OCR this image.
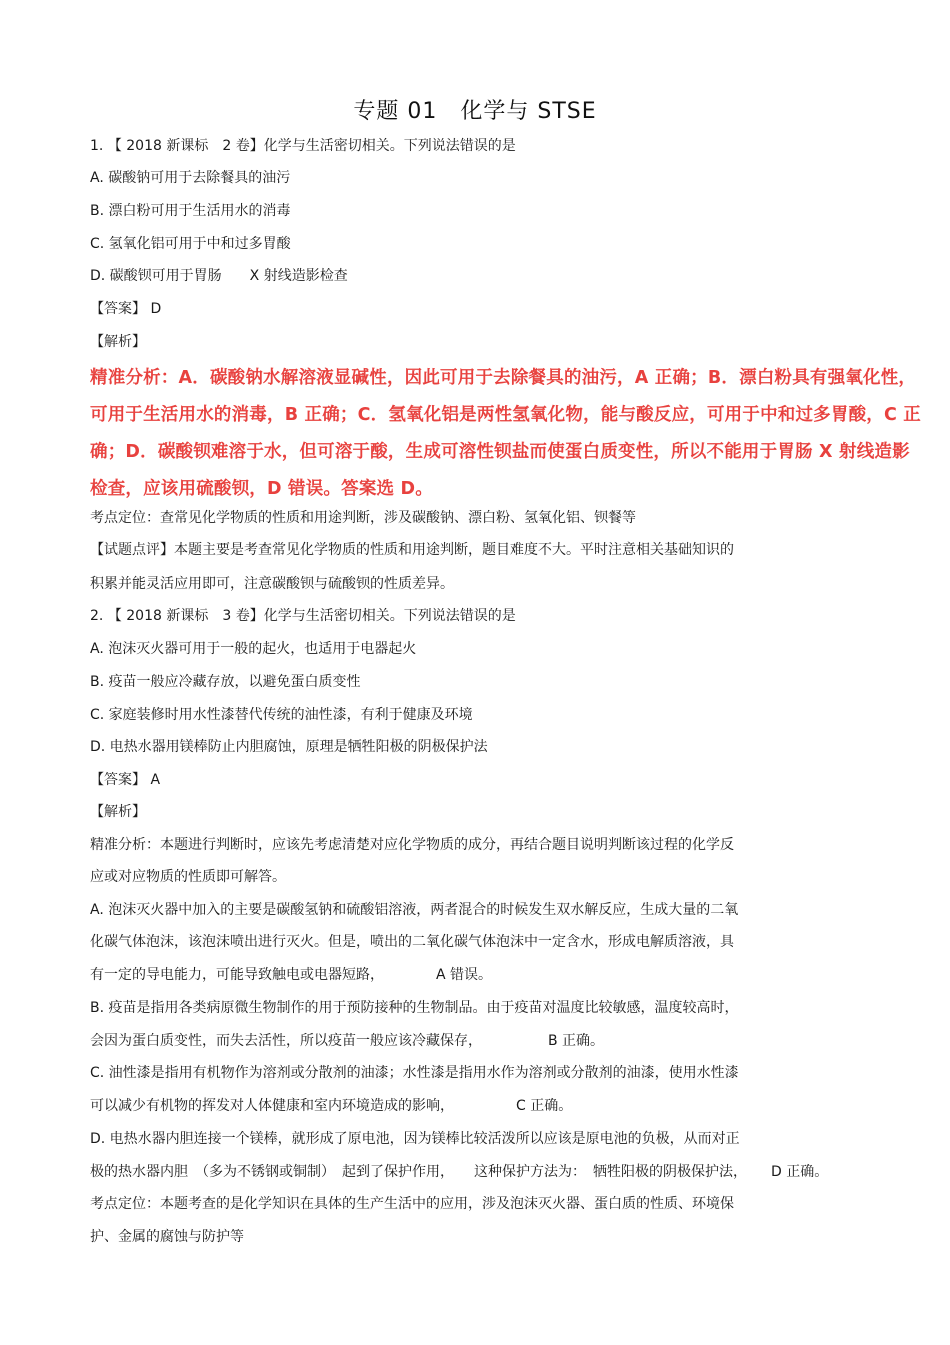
专题 01　化学与 STSE
1. 【 2018 新课标　2 卷】化学与生活密切相关。下列说法错误的是
A. 碳酸钠可用于去除餐具的油污
B. 漂白粉可用于生活用水的消毒
C. 氢氧化铝可用于中和过多胃酸
D. 碳酸钡可用于胃肠　　X 射线造影检查
【答案】 D
【解析】
精准分析：A．碳酸钠水解溶液显碱性，因此可用于去除餐具的油污，A 正确；B．漂白粉具有强氧化性，
可用于生活用水的消毒，B 正确；C．氢氧化铝是两性氢氧化物，能与酸反应，可用于中和过多胃酸，C 正
确；D．碳酸钡难溶于水，但可溶于酸，生成可溶性钡盐而使蛋白质变性，所以不能用于胃肠 X 射线造影
检查，应该用硫酸钡，D 错误。答案选 D。
考点定位：查常见化学物质的性质和用途判断，涉及碳酸钠、漂白粉、氢氧化铝、钡餐等
【试题点评】本题主要是考查常见化学物质的性质和用途判断，题目难度不大。平时注意相关基础知识的
积累并能灵活应用即可，注意碳酸钡与硫酸钡的性质差异。
2. 【 2018 新课标　3 卷】化学与生活密切相关。下列说法错误的是
A. 泡沫灭火器可用于一般的起火，也适用于电器起火
B. 疫苗一般应冷藏存放，以避免蛋白质变性
C. 家庭装修时用水性漆替代传统的油性漆，有利于健康及环境
D. 电热水器用镁棒防止内胆腐蚀，原理是牺牲阳极的阴极保护法
【答案】 A
【解析】
精准分析：本题进行判断时，应该先考虑清楚对应化学物质的成分，再结合题目说明判断该过程的化学反
应或对应物质的性质即可解答。
A. 泡沫灭火器中加入的主要是碳酸氢钠和硫酸铝溶液，两者混合的时候发生双水解反应，生成大量的二氧
化碳气体泡沫，该泡沫喷出进行灭火。但是，喷出的二氧化碳气体泡沫中一定含水，形成电解质溶液，具
有一定的导电能力，可能导致触电或电器短路，	A 错误。
B. 疫苗是指用各类病原微生物制作的用于预防接种的生物制品。由于疫苗对温度比较敏感，温度较高时，
会因为蛋白质变性，而失去活性，所以疫苗一般应该冷藏保存，	B 正确。
C. 油性漆是指用有机物作为溶剂或分散剂的油漆；水性漆是指用水作为溶剂或分散剂的油漆，使用水性漆
可以减少有机物的挥发对人体健康和室内环境造成的影响，	C 正确。
D. 电热水器内胆连接一个镁棒，就形成了原电池，因为镁棒比较活泼所以应该是原电池的负极，从而对正
极的热水器内胆　（多为不锈钢或铜制）　起到了保护作用， 这种保护方法为：　牺牲阳极的阴极保护法， D 正确。
考点定位：本题考查的是化学知识在具体的生产生活中的应用，涉及泡沫灭火器、蛋白质的性质、环境保
护、金属的腐蚀与防护等
